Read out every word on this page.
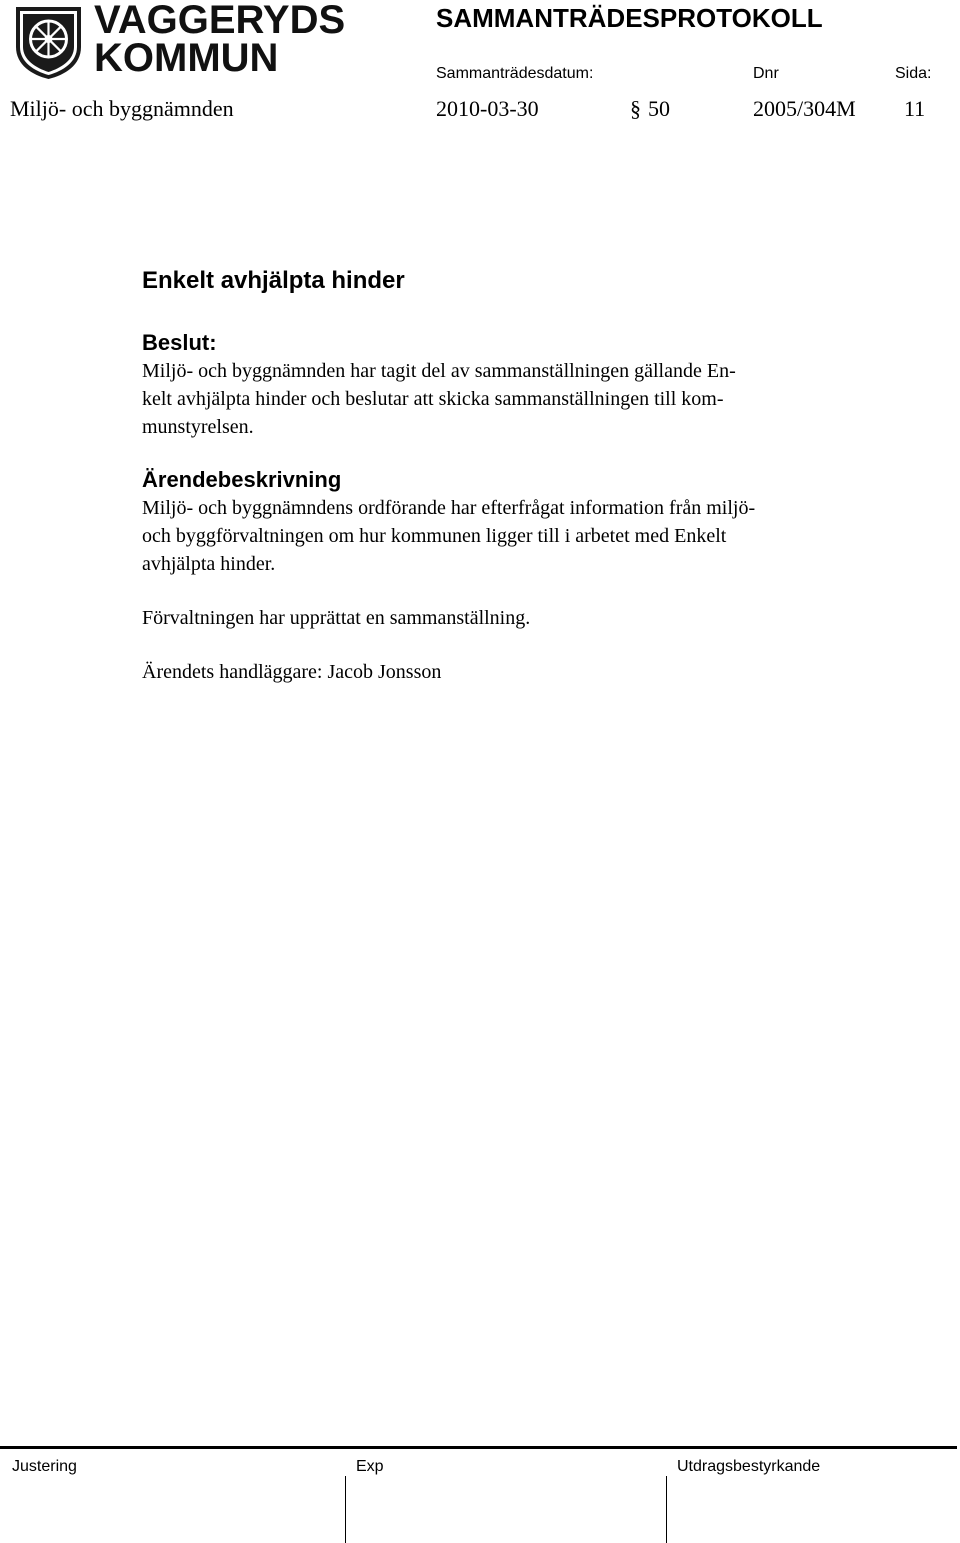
VAGGERYDS
KOMMUN
SAMMANTRÄDESPROTOKOLL
Sammanträdesdatum:	Dnr	Sida:
Miljö- och byggnämnden	2010-03-30	§ 50	2005/304M 11
Enkelt avhjälpta hinder
Beslut:
Miljö- och byggnämnden har tagit del av sammanställningen gällande En-
kelt avhjälpta hinder och beslutar att skicka sammanställningen till kom-
munstyrelsen.
Ärendebeskrivning
Miljö- och byggnämndens ordförande har efterfrågat information från miljö-
och byggförvaltningen om hur kommunen ligger till i arbetet med Enkelt
avhjälpta hinder.
Förvaltningen har upprättat en sammanställning.
Ärendets handläggare: Jacob Jonsson
Justering	Exp	Utdragsbestyrkande
